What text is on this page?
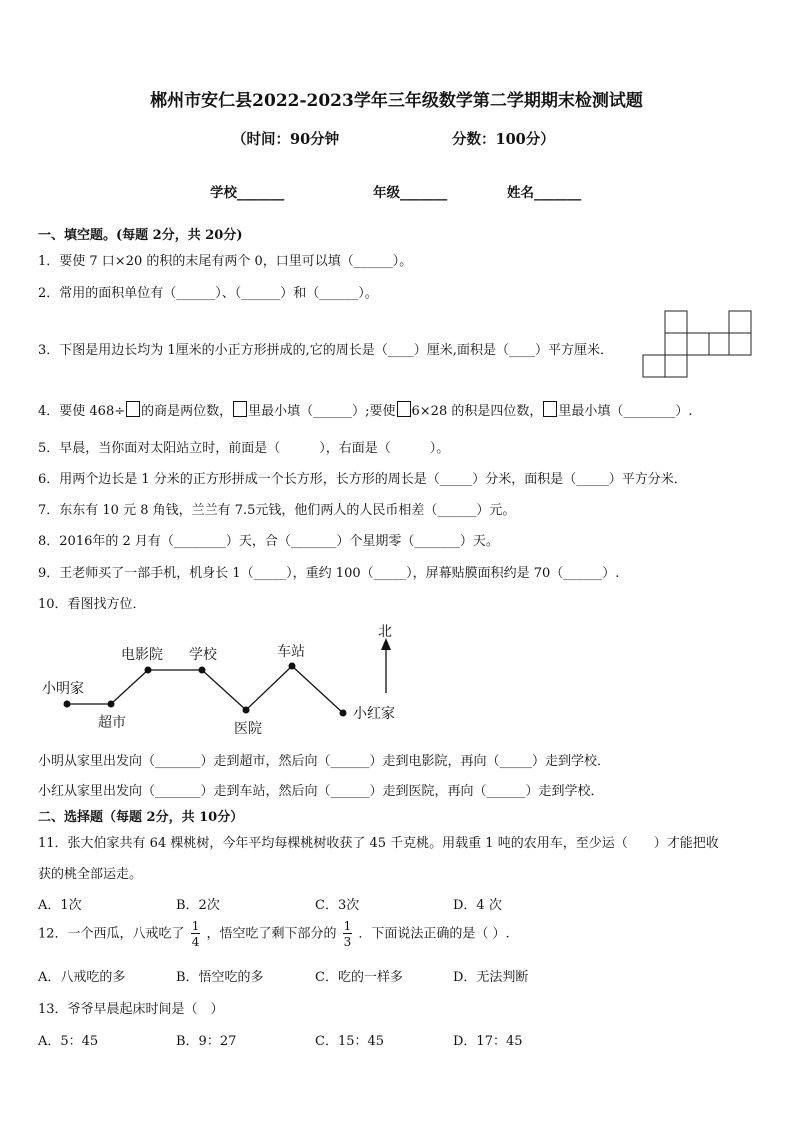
郴州市安仁县2022-2023学年三年级数学第二学期期末检测试题
（时间：90分钟	分数：100分）
学校_______	年级_______	姓名_______
一、填空题。(每题 2分，共 20分)
1．要使 7 口×20 的积的末尾有两个 0，口里可以填（______）。
2．常用的面积单位有（______）、（______）和（______）。
3．下图是用边长均为 1厘米的小正方形拼成的,它的周长是（____）厘米,面积是（____）平方厘米．
4．要使 468÷ 的商是两位数， 里最小填（______）;要使 6×28 的积是四位数， 里最小填（________）.
5．早晨，当你面对太阳站立时，前面是（　　　），右面是（　　　）。
6．用两个边长是 1 分米的正方形拼成一个长方形，长方形的周长是（_____）分米，面积是（_____）平方分米．
7．东东有 10 元 8 角钱，兰兰有 7.5元钱，他们两人的人民币相差（______）元。
8．2016年的 2 月有（________）天，合（_______）个星期零（_______）天。
9．王老师买了一部手机，机身长 1（_____），重约 100（_____），屏幕贴膜面积约是 70（______）.
10．看图找方位．
北
小明家
超市
电影院 学校
医院
车站
小红家
小明从家里出发向（_______）走到超市，然后向（______）走到电影院，再向（_____）走到学校．
小红从家里出发向（_______）走到车站，然后向（______）走到医院，再向（______）走到学校．
二、选择题（每题 2分，共 10分）
11．张大伯家共有 64 棵桃树，今年平均每棵桃树收获了 45 千克桃。用载重 1 吨的农用车，至少运（　　）才能把收
获的桃全部运走。
A．1次	B．2次	C．3次	D．4 次
12．一个西瓜，八戒吃了 $\frac{1}{4}$ ，悟空吃了剩下部分的 $\frac{1}{3}$ ．下面说法正确的是（ ）.
A．八戒吃的多	B．悟空吃的多	C．吃的一样多	D．无法判断
13．爷爷早晨起床时间是（　）
A．5：45	B．9：27	C．15：45	D．17：45
